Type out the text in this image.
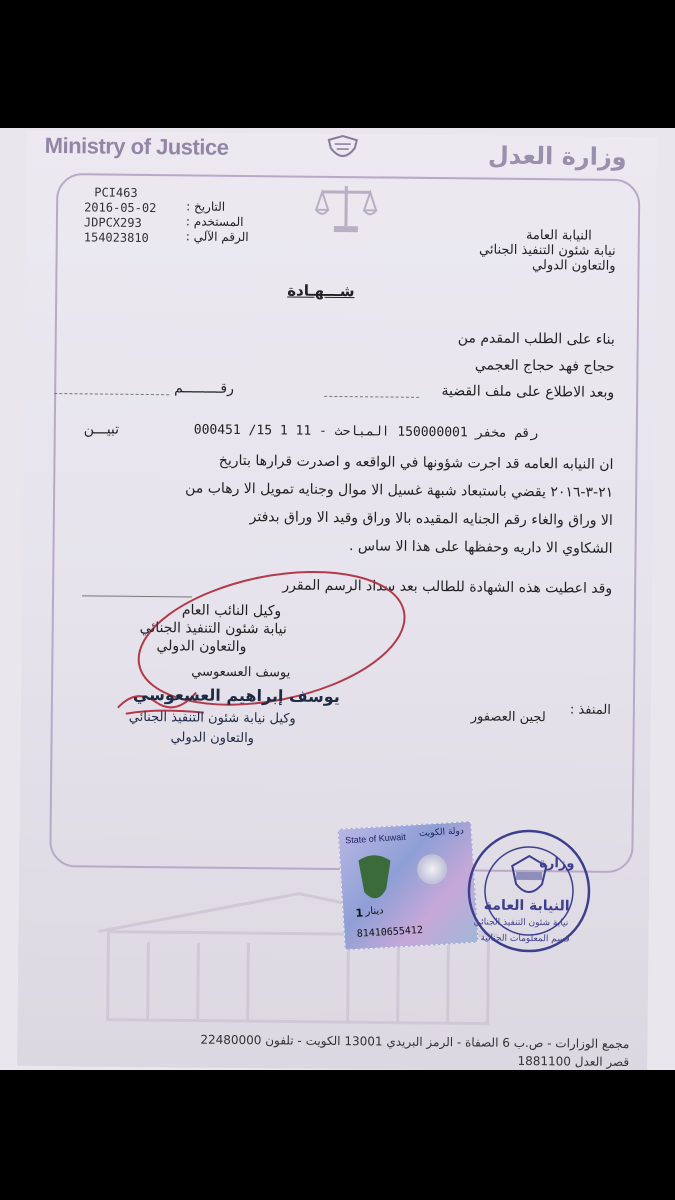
Ministry of Justice	وزارة العدل
PCI463
2016-05-02
JDPCX293
154023810
التاريخ :
المستخدم :
الرقم الآلي :	النيابة العامة
نيابة شئون التنفيذ الجنائي
والتعاون الدولي
شـــهـادة
بناء على الطلب المقدم من
حجاج فهد حجاج العجمي
وبعد الاطلاع على ملف القضية
رقـــــــــم
000451 /15 1 11 - رقم مخفر 150000001 المباحث
تبيـــن
ان النيابه العامه قد اجرت شؤونها في الواقعه و اصدرت قرارها بتاريخ
٢١-٣-٢٠١٦ يقضي باستبعاد شبهة غسيل الا موال وجنايه تمويل الا رهاب من
الا وراق والغاء رقم الجنايه المقيده بالا وراق وقيد الا وراق بدفتر
الشكاوي الا داريه وحفظها على هذا الا ساس .
وقد اعطيت هذه الشهادة للطالب بعد سداد الرسم المقرر
وكيل النائب العام
نيابة شئون التنفيذ الجنائي
والتعاون الدولي
يوسف العسعوسي
يوسف إبراهيم العسعوسي
وكيل نيابة شئون التنفيذ الجنائي
والتعاون الدولي
المنفذ :
لجين العصفور
State of Kuwait دولة الكويت
1 دينار
81410655412
وزارة
النيابة العامة
نيابة شئون التنفيذ الجنائي
قسم المعلومات الجنائية
مجمع الوزارات - ص.ب 6 الصفاة - الرمز البريدي 13001 الكويت - تلفون 22480000
قصر العدل 1881100
